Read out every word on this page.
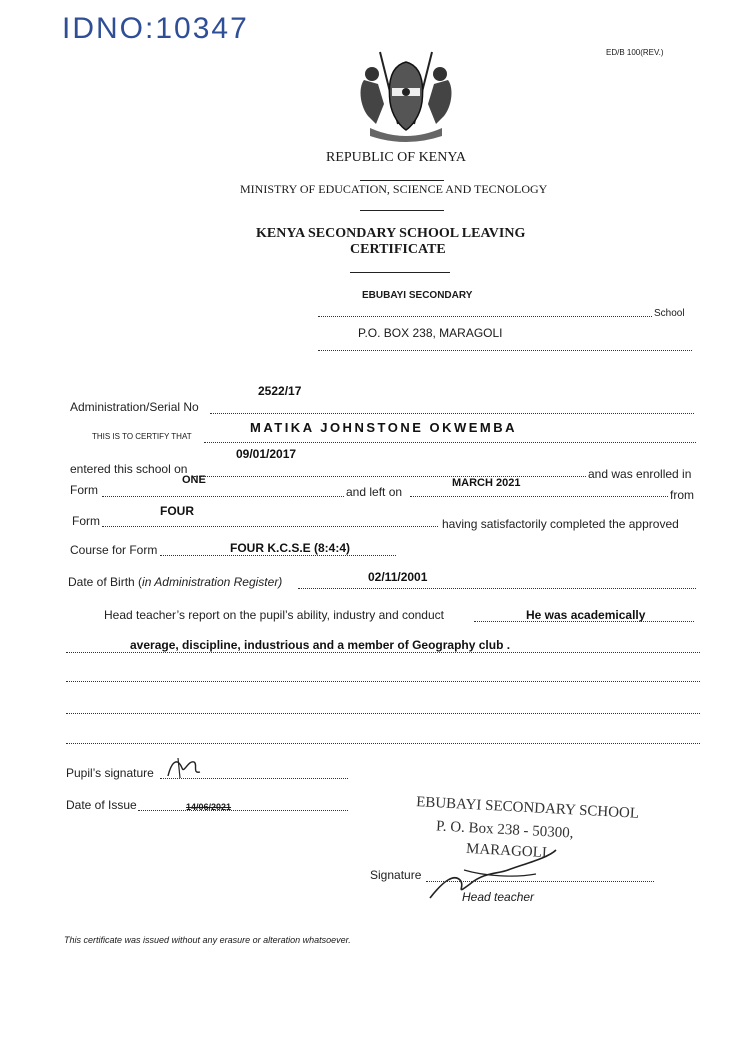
IDNO:10347
ED/B 100(REV.)
REPUBLIC OF KENYA
MINISTRY OF EDUCATION, SCIENCE AND TECNOLOGY
KENYA SECONDARY SCHOOL LEAVING
CERTIFICATE
EBUBAYI SECONDARY
School
P.O. BOX 238, MARAGOLI
2522/17
Administration/Serial No
THIS IS TO CERTIFY THAT
MATIKA JOHNSTONE OKWEMBA
09/01/2017
entered this school on	and was enrolled in
ONE
Form	and left on
MARCH 2021
from
FOUR
Form	having satisfactorily completed the approved
Course for Form	FOUR K.C.S.E (8:4:4)
Date of Birth (in Administration Register)	02/11/2001
Head teacher’s report on the pupil’s ability, industry and conduct	He was academically
average, discipline, industrious and a member of Geography club .
Pupil’s signature
Date of Issue	14/06/2021	EBUBAYI SECONDARY SCHOOL
P. O. Box 238 - 50300,
MARAGOLI
Signature
Head teacher
This certificate was issued without any erasure or alteration whatsoever.
